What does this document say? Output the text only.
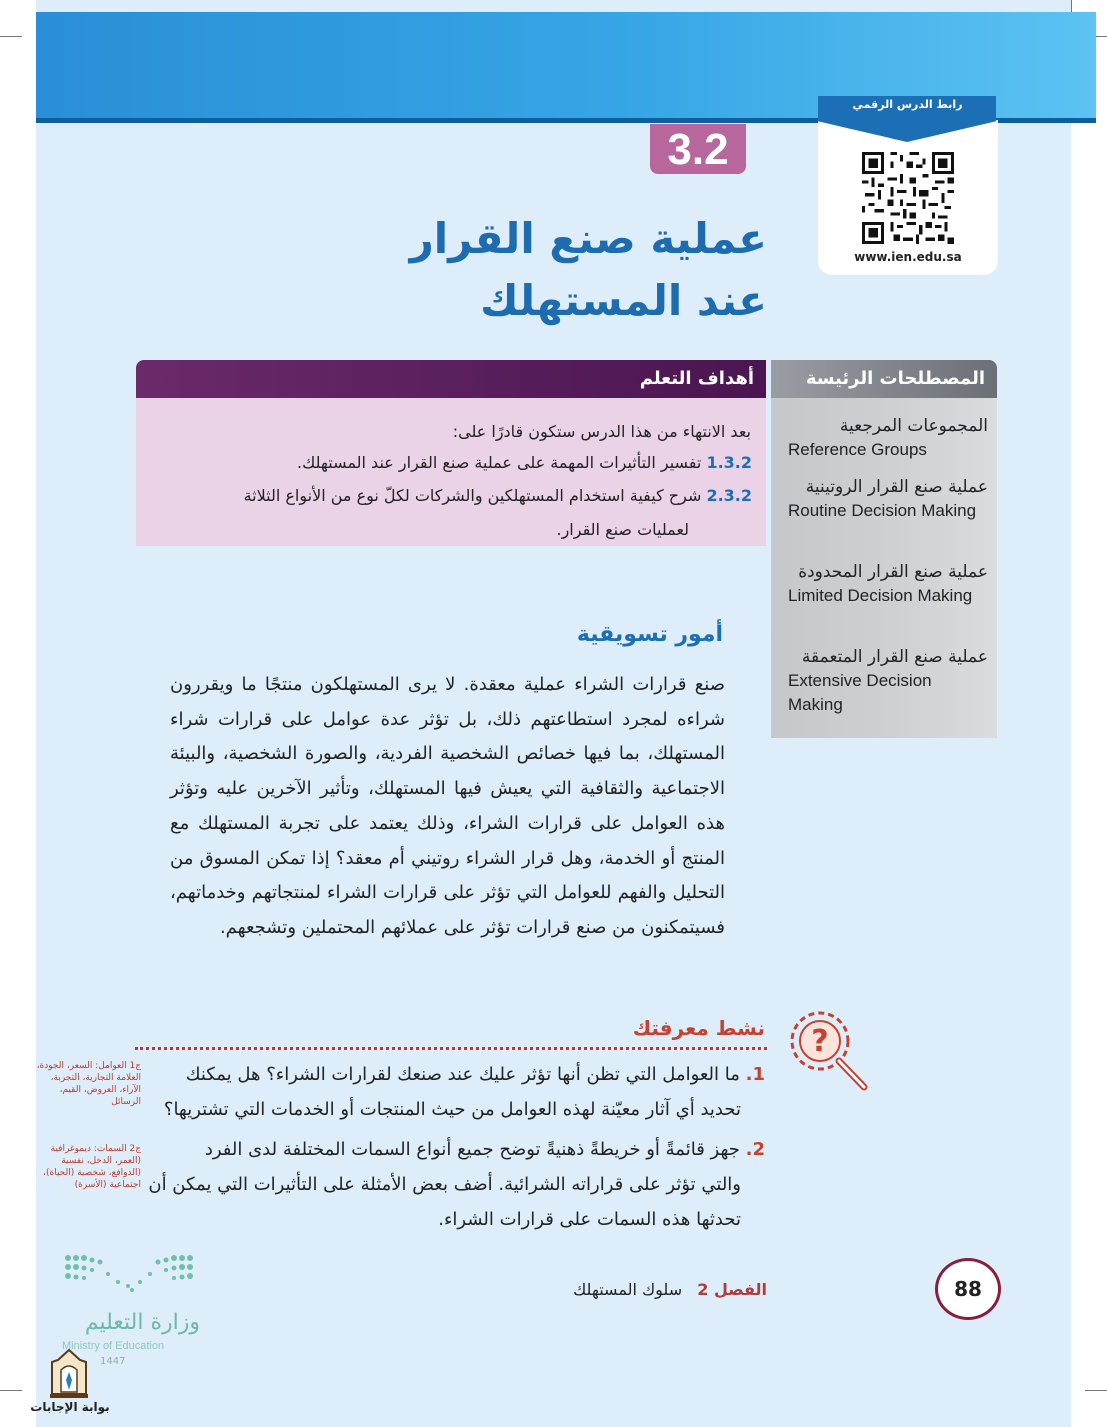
رابط الدرس الرقمي
www.ien.edu.sa
3.2
عملية صنع القرار
عند المستهلك
المصطلحات الرئيسة
المجموعات المرجعية
Reference Groups
عملية صنع القرار الروتينية
Routine Decision Making
عملية صنع القرار المحدودة
Limited Decision Making
عملية صنع القرار المتعمقة
Extensive Decision Making
أهداف التعلم
بعد الانتهاء من هذا الدرس ستكون قادرًا على:
1.3.2 تفسير التأثيرات المهمة على عملية صنع القرار عند المستهلك.
2.3.2 شرح كيفية استخدام المستهلكين والشركات لكلّ نوع من الأنواع الثلاثة
لعمليات صنع القرار.
أمور تسويقية
صنع قرارات الشراء عملية معقدة. لا يرى المستهلكون منتجًا ما ويقررون شراءه لمجرد استطاعتهم ذلك، بل تؤثر عدة عوامل على قرارات شراء المستهلك، بما فيها خصائص الشخصية الفردية، والصورة الشخصية، والبيئة الاجتماعية والثقافية التي يعيش فيها المستهلك، وتأثير الآخرين عليه وتؤثر هذه العوامل على قرارات الشراء، وذلك يعتمد على تجربة المستهلك مع المنتج أو الخدمة، وهل قرار الشراء روتيني أم معقد؟ إذا تمكن المسوق من التحليل والفهم للعوامل التي تؤثر على قرارات الشراء لمنتجاتهم وخدماتهم، فسيتمكنون من صنع قرارات تؤثر على عملائهم المحتملين وتشجعهم.
?
نشط معرفتك
1. ما العوامل التي تظن أنها تؤثر عليك عند صنعك لقرارات الشراء؟ هل يمكنك
تحديد أي آثار معيّنة لهذه العوامل من حيث المنتجات أو الخدمات التي تشتريها؟
2. جهز قائمةً أو خريطةً ذهنيةً توضح جميع أنواع السمات المختلفة لدى الفرد
والتي تؤثر على قراراته الشرائية. أضف بعض الأمثلة على التأثيرات التي يمكن أن
تحدثها هذه السمات على قرارات الشراء.
ج1 العوامل: السعر، الجودة، العلامة التجارية، التجربة، الآراء، العروض، القيم، الرسائل
ج2 السمات: ديموغرافية (العمر، الدخل، نفسية (الدوافع، شخصية (الحياة)، اجتماعية (الأسرة)
الفصل 2 سلوك المستهلك	88
وزارة التعليم
Ministry of Education
1447
بوابة الإجابات
